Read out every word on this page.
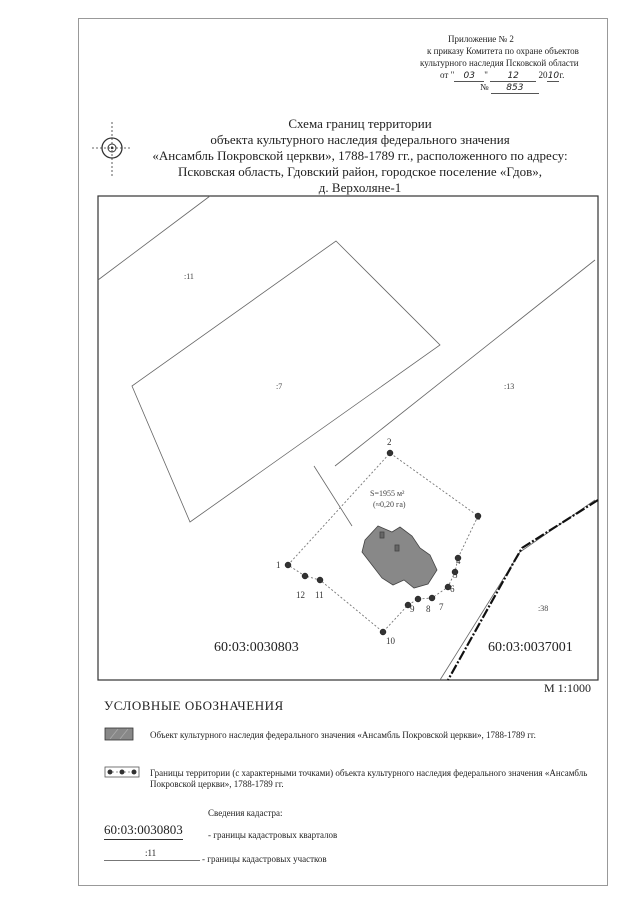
Приложение № 2
к приказу Комитета по охране объектов
культурного наследия Псковской области
от " 03 " 12 2010г.
№ 853
Схема границ территории
объекта культурного наследия федерального значения
«Ансамбль Покровской церкви», 1788-1789 гг., расположенного по адресу:
Псковская область, Гдовский район, городское поселение «Гдов»,
д. Верхоляне-1
:11
:7	:13
:38
S=1955 м²
(≈0,20 га)
1
2
3
4
5
6
7
8
9
10
11
12
60:03:0030803	60:03:0037001
М 1:1000
УСЛОВНЫЕ ОБОЗНАЧЕНИЯ
Объект культурного наследия федерального значения «Ансамбль Покровской церкви», 1788-1789 гг.
Границы территории (с характерными точками) объекта культурного наследия федерального значения «Ансамбль Покровской церкви», 1788-1789 гг.
Сведения кадастра:
60:03:0030803	- границы кадастровых кварталов
:11
- границы кадастровых участков
